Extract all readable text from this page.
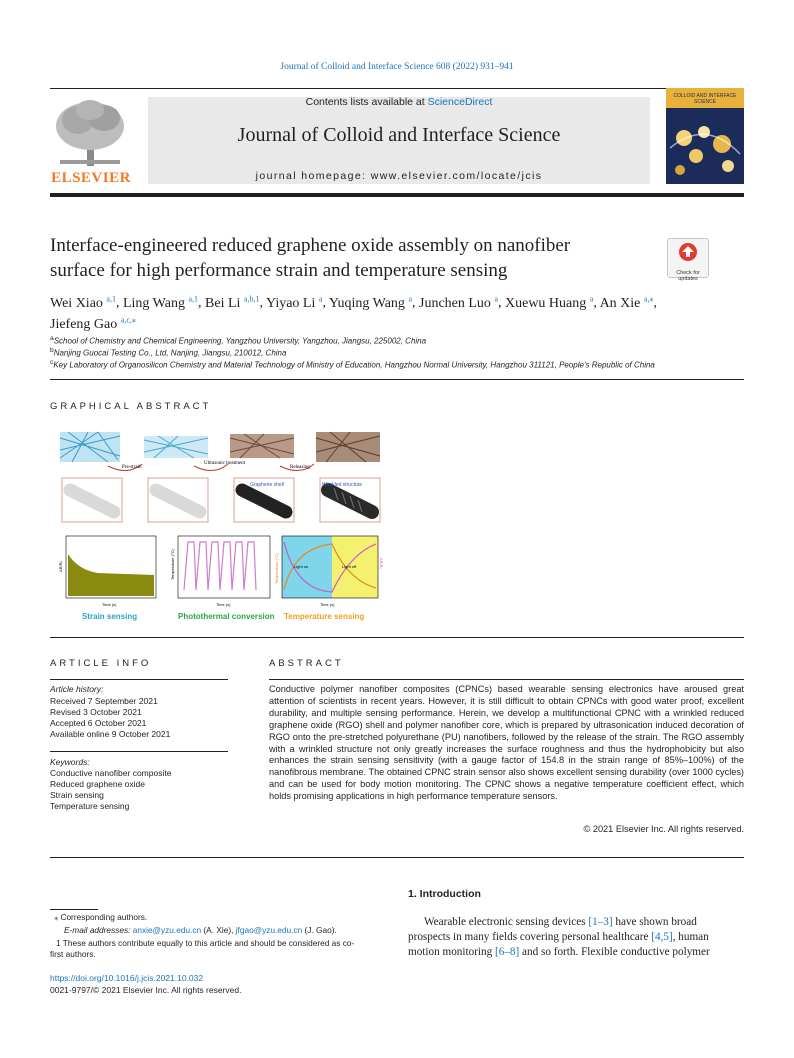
Journal of Colloid and Interface Science 608 (2022) 931–941
ELSEVIER
Contents lists available at ScienceDirect
Journal of Colloid and Interface Science
journal homepage: www.elsevier.com/locate/jcis
COLLOID AND INTERFACE SCIENCE
Interface-engineered reduced graphene oxide assembly on nanofiber
surface for high performance strain and temperature sensing	Check for updates
Wei Xiao $^{a,1}$, Ling Wang $^{a,1}$, Bei Li $^{a,b,1}$, Yiyao Li $^a$, Yuqing Wang $^a$, Junchen Luo $^a$, Xuewu Huang $^a$, An Xie $^{a,⁎}$,
Jiefeng Gao $^{a,c,⁎}$
$^a$School of Chemistry and Chemical Engineering, Yangzhou University, Yangzhou, Jiangsu, 225002, China
$^b$Nanjing Guocai Testing Co., Ltd, Nanjing, Jiangsu, 210012, China
$^c$Key Laboratory of Organosilicon Chemistry and Material Technology of Ministry of Education, Hangzhou Normal University, Hangzhou 311121, People's Republic of China
GRAPHICAL ABSTRACT
Pre-strain
Ultrasonic treatment
Releasing
Graphene shell	Wrinkled structure
ΔR/R₀
Time (s)
Temperature (°C)
Time (s)
Light on	Light off
Temperature (°C)	ΔR/R₀
Time (s)
Strain sensing	Photothermal conversion Temperature sensing
ARTICLE INFO
Article history:
Received 7 September 2021
Revised 3 October 2021
Accepted 6 October 2021
Available online 9 October 2021
Keywords:
Conductive nanofiber composite
Reduced graphene oxide
Strain sensing
Temperature sensing
ABSTRACT
Conductive polymer nanofiber composites (CPNCs) based wearable sensing electronics have aroused great attention of scientists in recent years. However, it is still difficult to obtain CPNCs with good water proof, excellent durability, and multiple sensing performance. Herein, we develop a multifunctional CPNC with a wrinkled reduced graphene oxide (RGO) shell and polymer nanofiber core, which is prepared by ultrasonication induced decoration of RGO onto the pre-stretched polyurethane (PU) nanofibers, followed by the release of the strain. The RGO assembly with a wrinkled structure not only greatly increases the surface roughness and thus the hydrophobicity but also enhances the strain sensing sensitivity (with a gauge factor of 154.8 in the strain range of 85%–100%) of the nanofibrous membrane. The obtained CPNC strain sensor also shows excellent sensing durability (over 1000 cycles) and can be used for body motion monitoring. The CPNC shows a negative temperature coefficient effect, which holds promising applications in high performance temperature sensors.
© 2021 Elsevier Inc. All rights reserved.
⁎ Corresponding authors.
E-mail addresses: anxie@yzu.edu.cn (A. Xie), jfgao@yzu.edu.cn (J. Gao).
1 These authors contribute equally to this article and should be considered as co-
first authors.
https://doi.org/10.1016/j.jcis.2021.10.032
0021-9797/© 2021 Elsevier Inc. All rights reserved.
1. Introduction
Wearable electronic sensing devices [1–3] have shown broad
prospects in many fields covering personal healthcare [4,5], human
motion monitoring [6–8] and so forth. Flexible conductive polymer
